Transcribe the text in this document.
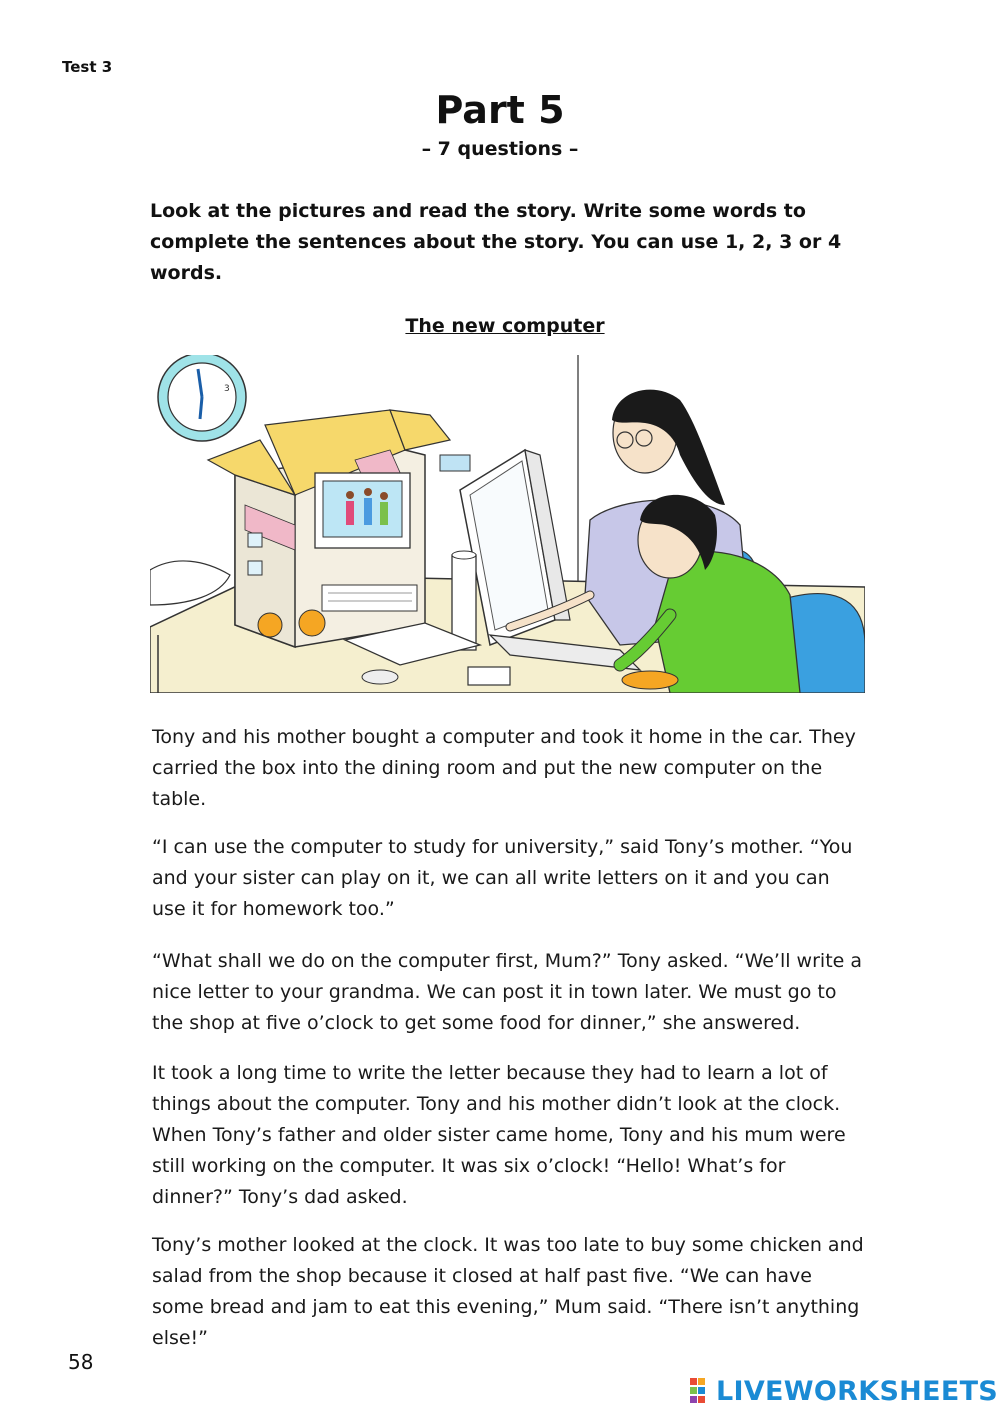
Test 3
Part 5
– 7 questions –
Look at the pictures and read the story. Write some words to complete the sentences about the story. You can use 1, 2, 3 or 4 words.
The new computer
3
Tony and his mother bought a computer and took it home in the car. They carried the box into the dining room and put the new computer on the table.
“I can use the computer to study for university,” said Tony’s mother. “You and your sister can play on it, we can all write letters on it and you can use it for homework too.”
“What shall we do on the computer first, Mum?” Tony asked. “We’ll write a nice letter to your grandma. We can post it in town later. We must go to the shop at five o’clock to get some food for dinner,” she answered.
It took a long time to write the letter because they had to learn a lot of things about the computer. Tony and his mother didn’t look at the clock. When Tony’s father and older sister came home, Tony and his mum were still working on the computer. It was six o’clock! “Hello! What’s for dinner?” Tony’s dad asked.
Tony’s mother looked at the clock. It was too late to buy some chicken and salad from the shop because it closed at half past five. “We can have some bread and jam to eat this evening,” Mum said. “There isn’t anything else!”
58
LIVEWORKSHEETS
